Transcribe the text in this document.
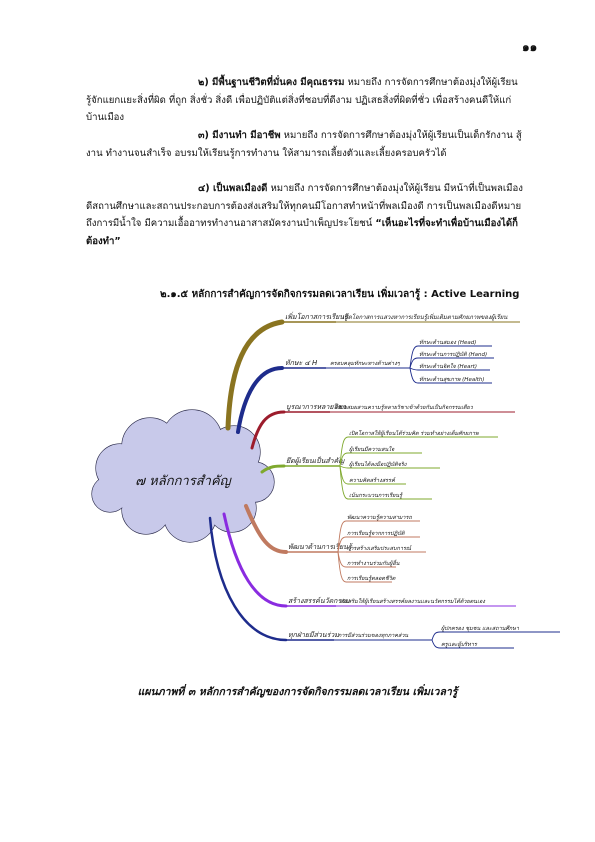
๑๑

๒) มีพื้นฐานชีวิตที่มั่นคง มีคุณธรรม หมายถึง การจัดการศึกษาต้องมุ่งให้ผู้เรียน รู้จักแยกแยะสิ่งที่ผิด ที่ถูก สิ่งชั่ว สิ่งดี เพื่อปฏิบัติแต่สิ่งที่ชอบที่ดีงาม ปฏิเสธสิ่งที่ผิดที่ชั่ว เพื่อสร้างคนดีให้แก่บ้านเมือง

๓) มีงานทำ มีอาชีพ หมายถึง การจัดการศึกษาต้องมุ่งให้ผู้เรียนเป็นเด็กรักงาน สู้งาน ทำงานจนสำเร็จ อบรมให้เรียนรู้การทำงาน ให้สามารถเลี้ยงตัวและเลี้ยงครอบครัวได้

๔) เป็นพลเมืองดี หมายถึง การจัดการศึกษาต้องมุ่งให้ผู้เรียน มีหน้าที่เป็นพลเมืองดีสถานศึกษาและสถานประกอบการต้องส่งเสริมให้ทุกคนมีโอกาสทำหน้าที่พลเมืองดี การเป็นพลเมืองดีหมายถึงการมีน้ำใจ มีความเอื้ออาทรทำงานอาสาสมัครงานบำเพ็ญประโยชน์ “เห็นอะไรที่จะทำเพื่อบ้านเมืองได้ก็ต้องทำ”

๒.๑.๕ หลักการสำคัญการจัดกิจกรรมลดเวลาเรียน เพิ่มเวลารู้ : Active Learning
๗ หลักการสำคัญ
เพิ่มโอกาสการเรียนรู้
เปิดโอกาสการแสวงหาการเรียนรู้เพิ่มเติมตามศักยภาพของผู้เรียน
ทักษะ ๔ H ครอบคลุมทักษะทางด้านต่างๆ
ทักษะด้านสมอง (Head)
ทักษะด้านการปฏิบัติ (Hand)
ทักษะด้านจิตใจ (Heart)
ทักษะด้านสุขภาพ (Health)
บูรณาการหลายวิชา
ต้องผสมผสานความรู้หลายวิชาเข้าด้วยกันเป็นกิจกรรมเดียว
ยึดผู้เรียนเป็นสำคัญ
เปิดโอกาสให้ผู้เรียนได้ร่วมคิด ร่วมทำอย่างเต็มศักยภาพ
ผู้เรียนมีความสนใจ
ผู้เรียนได้ลงมือปฏิบัติจริง
ความคิดสร้างสรรค์
เน้นกระบวนการเรียนรู้
พัฒนาด้านการเรียนรู้
พัฒนาความรู้ความสามารถ
การเรียนรู้จากการปฏิบัติ
การสร้างเสริมประสบการณ์
การทำงานร่วมกับผู้อื่น
การเรียนรู้ตลอดชีวิต
สร้างสรรค์นวัตกรรม
ส่งเสริมให้ผู้เรียนสร้างสรรค์ผลงานและนวัตกรรมได้ด้วยตนเอง
ทุกฝ่ายมีส่วนร่วม การมีส่วนร่วมของทุกภาคส่วน
ผู้ปกครอง ชุมชน และสถานศึกษา
ครูและผู้บริหาร
แผนภาพที่ ๓ หลักการสำคัญของการจัดกิจกรรมลดเวลาเรียน เพิ่มเวลารู้
